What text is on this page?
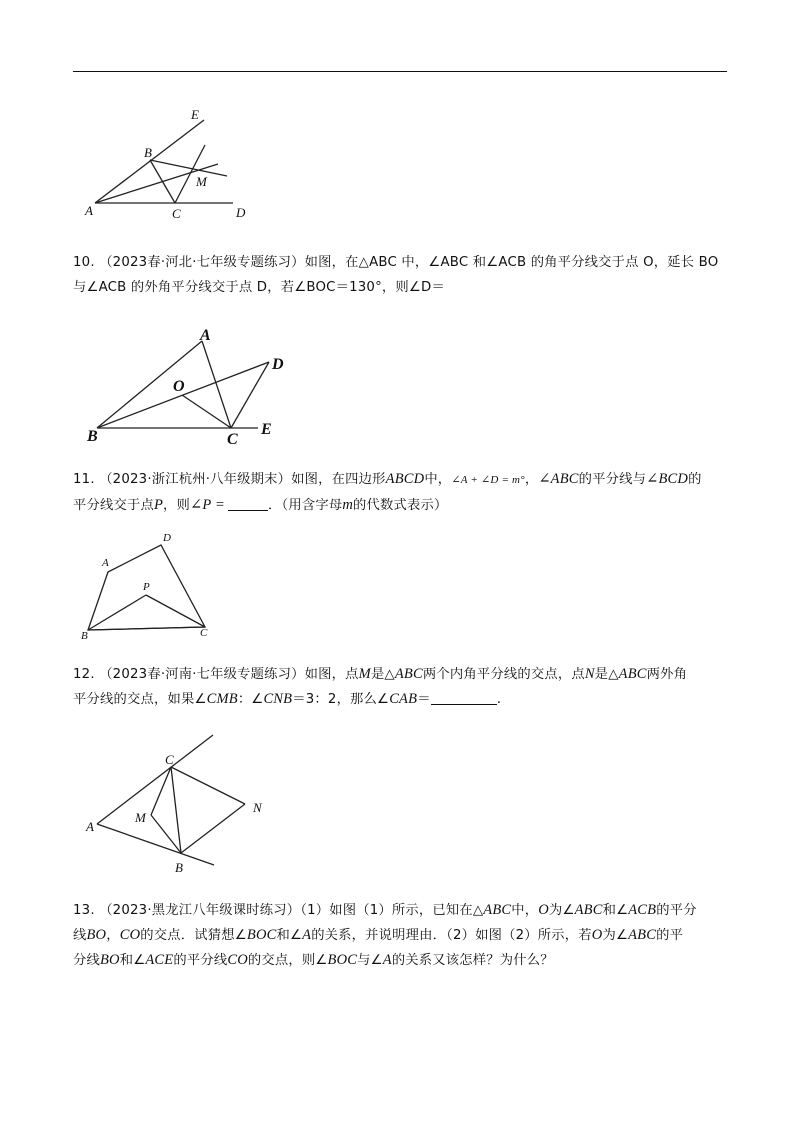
E
B
M
A	C	D
10. （2023春·河北·七年级专题练习）如图，在△ABC 中，∠ABC 和∠ACB 的角平分线交于点 O，延长 BO
与∠ACB 的外角平分线交于点 D，若∠BOC＝130°，则∠D＝
A
D
O
B	C
E
11. （2023·浙江杭州·八年级期末）如图，在四边形ABCD中，∠A + ∠D = m°，∠ABC的平分线与∠BCD的
平分线交于点P，则∠P =	．（用含字母m的代数式表示）
A
D
P
B	C
12. （2023春·河南·七年级专题练习）如图，点M是△ABC两个内角平分线的交点，点N是△ABC两外角
平分线的交点，如果∠CMB：∠CNB＝3：2，那么∠CAB＝	.
C
N
M
A
B
13. （2023·黑龙江八年级课时练习）（1）如图（1）所示，已知在△ABC中，O为∠ABC和∠ACB的平分
线BO，CO的交点．试猜想∠BOC和∠A的关系，并说明理由．（2）如图（2）所示，若O为∠ABC的平
分线BO和∠ACE的平分线CO的交点，则∠BOC与∠A的关系又该怎样？为什么？
